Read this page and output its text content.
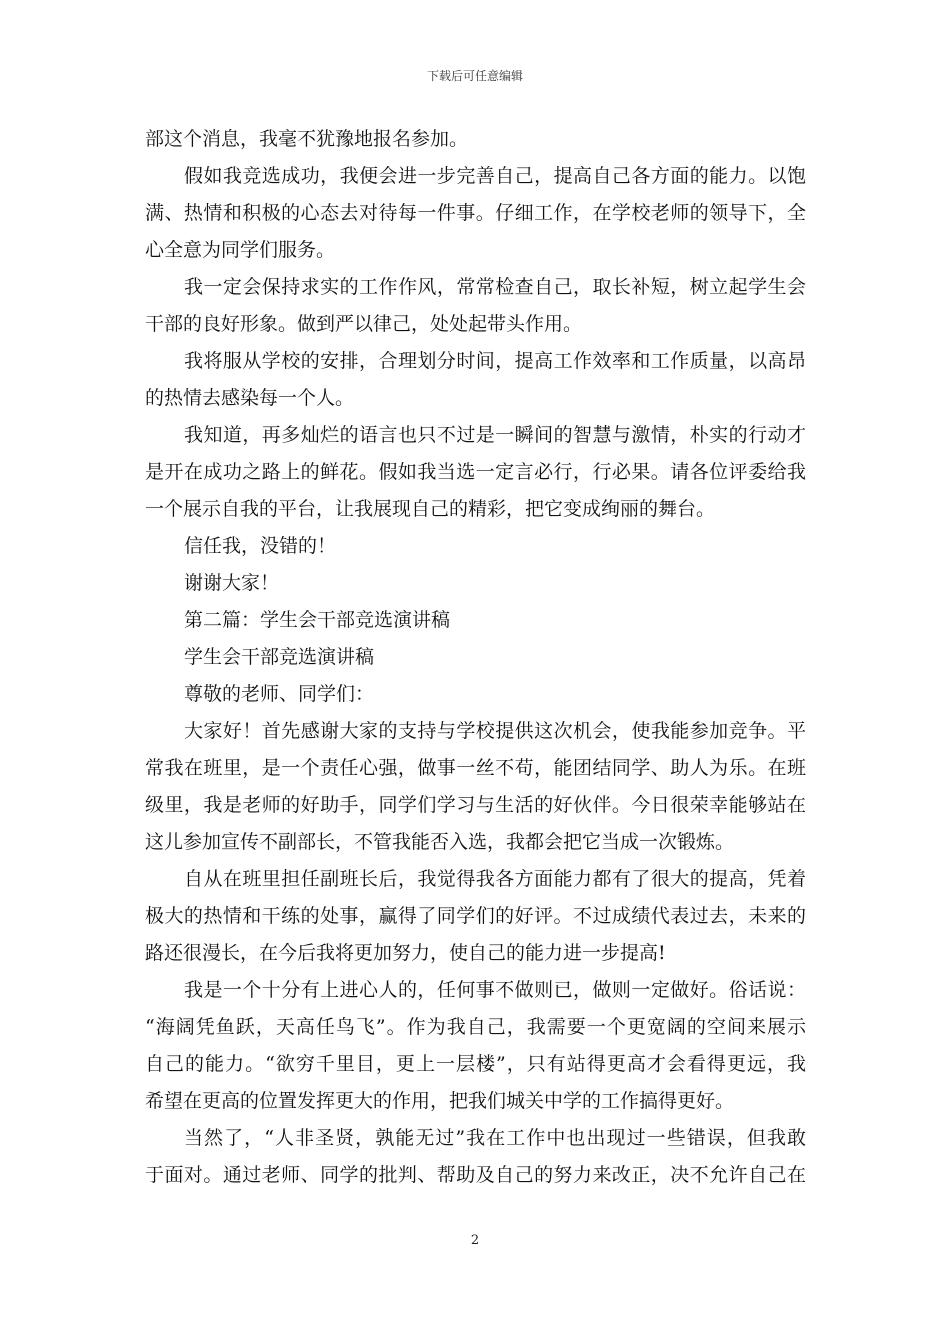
下载后可任意编辑
部这个消息，我毫不犹豫地报名参加。
假如我竞选成功，我便会进一步完善自己，提高自己各方面的能力。以饱
满、热情和积极的心态去对待每一件事。仔细工作，在学校老师的领导下，全
心全意为同学们服务。
我一定会保持求实的工作作风，常常检查自己，取长补短，树立起学生会
干部的良好形象。做到严以律己，处处起带头作用。
我将服从学校的安排，合理划分时间，提高工作效率和工作质量，以高昂
的热情去感染每一个人。
我知道，再多灿烂的语言也只不过是一瞬间的智慧与激情，朴实的行动才
是开在成功之路上的鲜花。假如我当选一定言必行，行必果。请各位评委给我
一个展示自我的平台，让我展现自己的精彩，把它变成绚丽的舞台。
信任我，没错的！
谢谢大家！
第二篇：学生会干部竞选演讲稿
学生会干部竞选演讲稿
尊敬的老师、同学们：
大家好！首先感谢大家的支持与学校提供这次机会，使我能参加竞争。平
常我在班里，是一个责任心强，做事一丝不苟，能团结同学、助人为乐。在班
级里，我是老师的好助手，同学们学习与生活的好伙伴。今日很荣幸能够站在
这儿参加宣传不副部长，不管我能否入选，我都会把它当成一次锻炼。
自从在班里担任副班长后，我觉得我各方面能力都有了很大的提高，凭着
极大的热情和干练的处事，赢得了同学们的好评。不过成绩代表过去，未来的
路还很漫长，在今后我将更加努力，使自己的能力进一步提高!
我是一个十分有上进心人的，任何事不做则已，做则一定做好。俗话说：
“海阔凭鱼跃，天高任鸟飞”。作为我自己，我需要一个更宽阔的空间来展示
自己的能力。“欲穷千里目，更上一层楼”，只有站得更高才会看得更远，我
希望在更高的位置发挥更大的作用，把我们城关中学的工作搞得更好。
当然了，“人非圣贤，孰能无过”我在工作中也出现过一些错误，但我敢
于面对。通过老师、同学的批判、帮助及自己的努力来改正，决不允许自己在
2
